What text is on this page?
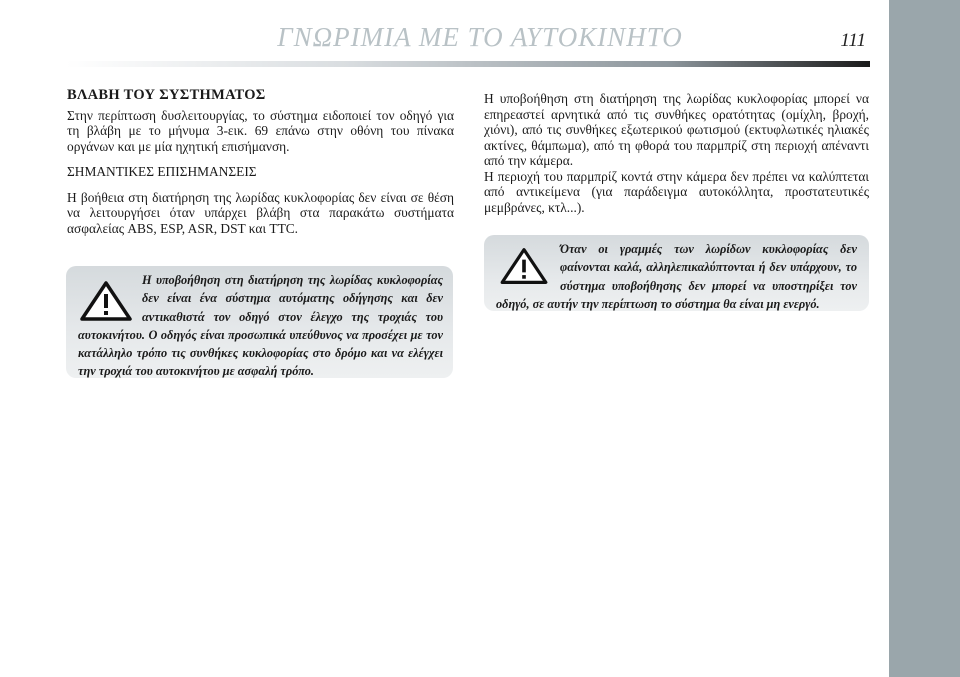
ΓΝΩΡΙΜΙΑ ΜΕ ΤΟ ΑΥΤΟΚΙΝΗΤΟ	111
ΒΛΑΒΗ ΤΟΥ ΣΥΣΤΗΜΑΤΟΣ

Στην περίπτωση δυσλειτουργίας, το σύστημα ειδοποιεί τον οδηγό για τη βλάβη με το μήνυμα 3-εικ. 69 επάνω στην οθόνη του πίνακα οργάνων και με μία ηχητική επισήμανση.

ΣΗΜΑΝΤΙΚΕΣ ΕΠΙΣΗΜΑΝΣΕΙΣ

Η βοήθεια στη διατήρηση της λωρίδας κυκλοφορίας δεν είναι σε θέση να λειτουργήσει όταν υπάρχει βλάβη στα παρακάτω συστήματα ασφαλείας ABS, ESP, ASR, DST και TTC.

Η υποβοήθηση στη διατήρηση της λωρίδας κυκλοφορίας δεν είναι ένα σύστημα αυτόματης οδήγησης και δεν αντικαθιστά τον οδηγό στον έλεγχο της τροχιάς του αυτοκινήτου. Ο οδηγός είναι προσωπικά υπεύθυνος να προσέχει με τον κατάλληλο τρόπο τις συνθήκες κυκλοφορίας στο δρόμο και να ελέγχει την τροχιά του αυτοκινήτου με ασφαλή τρόπο.

Η υποβοήθηση στη διατήρηση της λωρίδας κυκλοφορίας μπορεί να επηρεαστεί αρνητικά από τις συνθήκες ορατότητας (ομίχλη, βροχή, χιόνι), από τις συνθήκες εξωτερικού φωτισμού (εκτυφλωτικές ηλιακές ακτίνες, θάμπωμα), από τη φθορά του παρμπρίζ στη περιοχή απέναντι από την κάμερα.

Η περιοχή του παρμπρίζ κοντά στην κάμερα δεν πρέπει να καλύπτεται από αντικείμενα (για παράδειγμα αυτοκόλλητα, προστατευτικές μεμβράνες, κτλ...).

Όταν οι γραμμές των λωρίδων κυκλοφορίας δεν φαίνονται καλά, αλληλεπικαλύπτονται ή δεν υπάρχουν, το σύστημα υποβοήθησης δεν μπορεί να υποστηρίξει τον οδηγό, σε αυτήν την περίπτωση το σύστημα θα είναι μη ενεργό.
